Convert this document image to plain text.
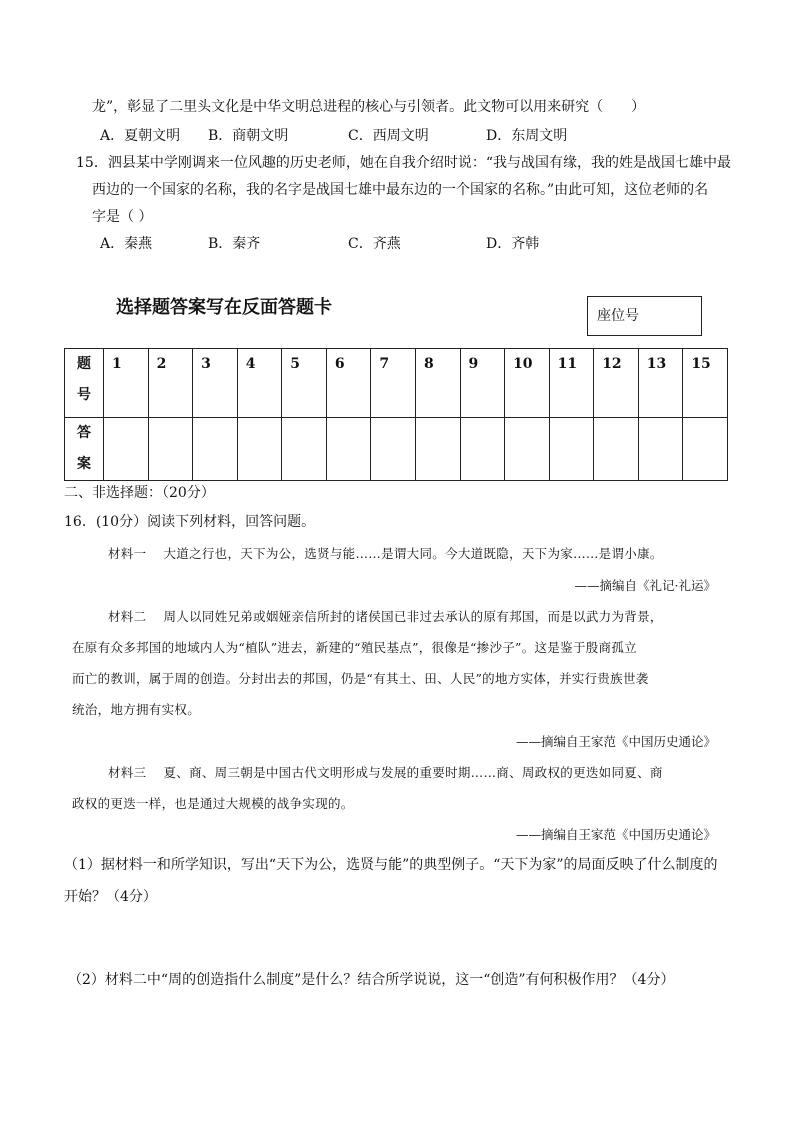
龙”，彰显了二里头文化是中华文明总进程的核心与引领者。此文物可以用来研究（　　）
A．夏朝文明 B．商朝文明	C．西周文明	D．东周文明
15．泗县某中学刚调来一位风趣的历史老师，她在自我介绍时说：“我与战国有缘，我的姓是战国七雄中最
西边的一个国家的名称，我的名字是战国七雄中最东边的一个国家的名称。”由此可知，这位老师的名
字是（ ）
A．秦燕	B．秦齐	C．齐燕	D．齐韩
选择题答案写在反面答题卡	座位号
题
号	1	2	3	4	5	6	7	8	9	10	11	12	13	15
答
案														
二、非选择题：（20分）
16．(10分）阅读下列材料，回答问题。
材料一　 大道之行也，天下为公，选贤与能……是谓大同。今大道既隐，天下为家……是谓小康。
——摘编自《礼记·礼运》
材料二　 周人以同姓兄弟或姻娅亲信所封的诸侯国已非过去承认的原有邦国，而是以武力为背景，
在原有众多邦国的地域内人为“植队”进去，新建的“殖民基点”，很像是“掺沙子”。这是鉴于殷商孤立
而亡的教训，属于周的创造。分封出去的邦国，仍是“有其土、田、人民”的地方实体，并实行贵族世袭
统治，地方拥有实权。
——摘编自王家范《中国历史通论》
材料三　 夏、商、周三朝是中国古代文明形成与发展的重要时期……商、周政权的更迭如同夏、商
政权的更迭一样，也是通过大规模的战争实现的。
——摘编自王家范《中国历史通论》
（1）据材料一和所学知识，写出“天下为公，选贤与能”的典型例子。“天下为家”的局面反映了什么制度的
开始？（4分）
（2）材料二中“周的创造指什么制度”是什么？结合所学说说，这一“创造”有何积极作用？（4分）
